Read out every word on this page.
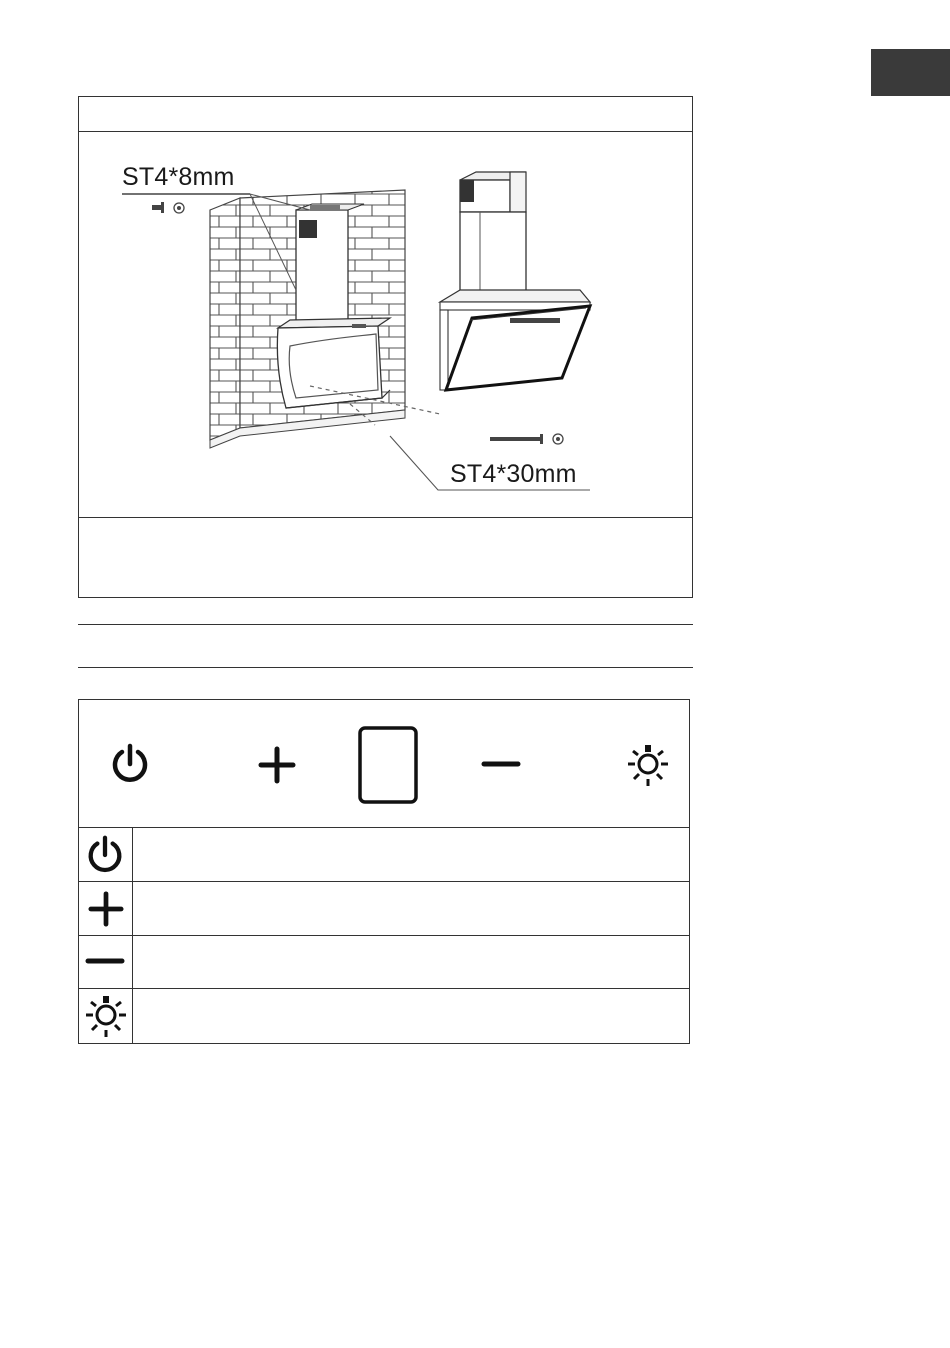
ST4*8mm
ST4*30mm
